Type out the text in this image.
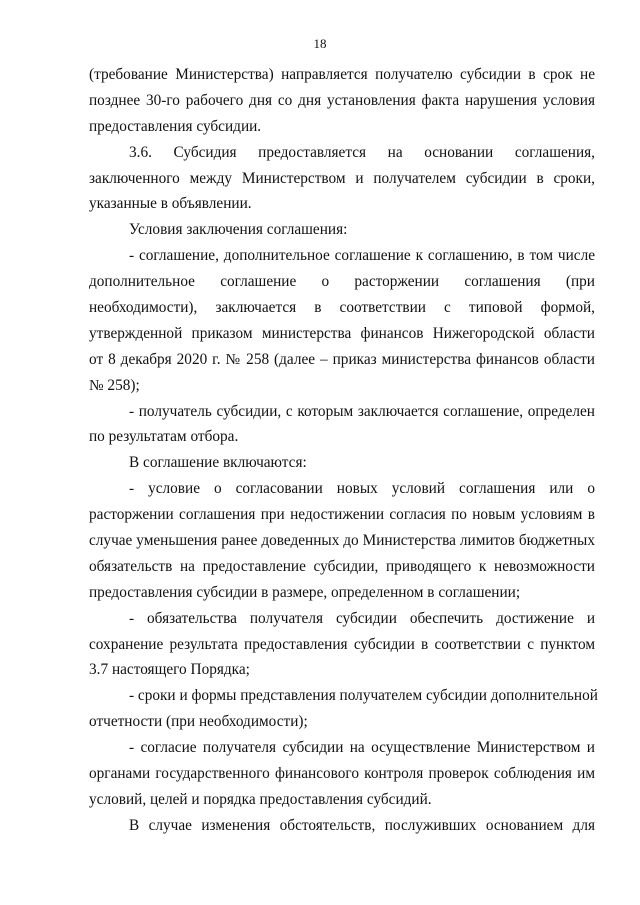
18
(требование Министерства) направляется получателю субсидии в срок не
позднее 30-го рабочего дня со дня установления факта нарушения условия
предоставления субсидии.
3.6. Субсидия предоставляется на основании соглашения,
заключенного между Министерством и получателем субсидии в сроки,
указанные в объявлении.
Условия заключения соглашения:
- соглашение, дополнительное соглашение к соглашению, в том числе
дополнительное соглашение о расторжении соглашения (при
необходимости), заключается в соответствии с типовой формой,
утвержденной приказом министерства финансов Нижегородской области
от 8 декабря 2020 г. № 258 (далее – приказ министерства финансов области
№ 258);
- получатель субсидии, с которым заключается соглашение, определен
по результатам отбора.
В соглашение включаются:
- условие о согласовании новых условий соглашения или о
расторжении соглашения при недостижении согласия по новым условиям в
случае уменьшения ранее доведенных до Министерства лимитов бюджетных
обязательств на предоставление субсидии, приводящего к невозможности
предоставления субсидии в размере, определенном в соглашении;
- обязательства получателя субсидии обеспечить достижение и
сохранение результата предоставления субсидии в соответствии с пунктом
3.7 настоящего Порядка;
- сроки и формы представления получателем субсидии дополнительной
отчетности (при необходимости);
- согласие получателя субсидии на осуществление Министерством и
органами государственного финансового контроля проверок соблюдения им
условий, целей и порядка предоставления субсидий.
В случае изменения обстоятельств, послуживших основанием для
